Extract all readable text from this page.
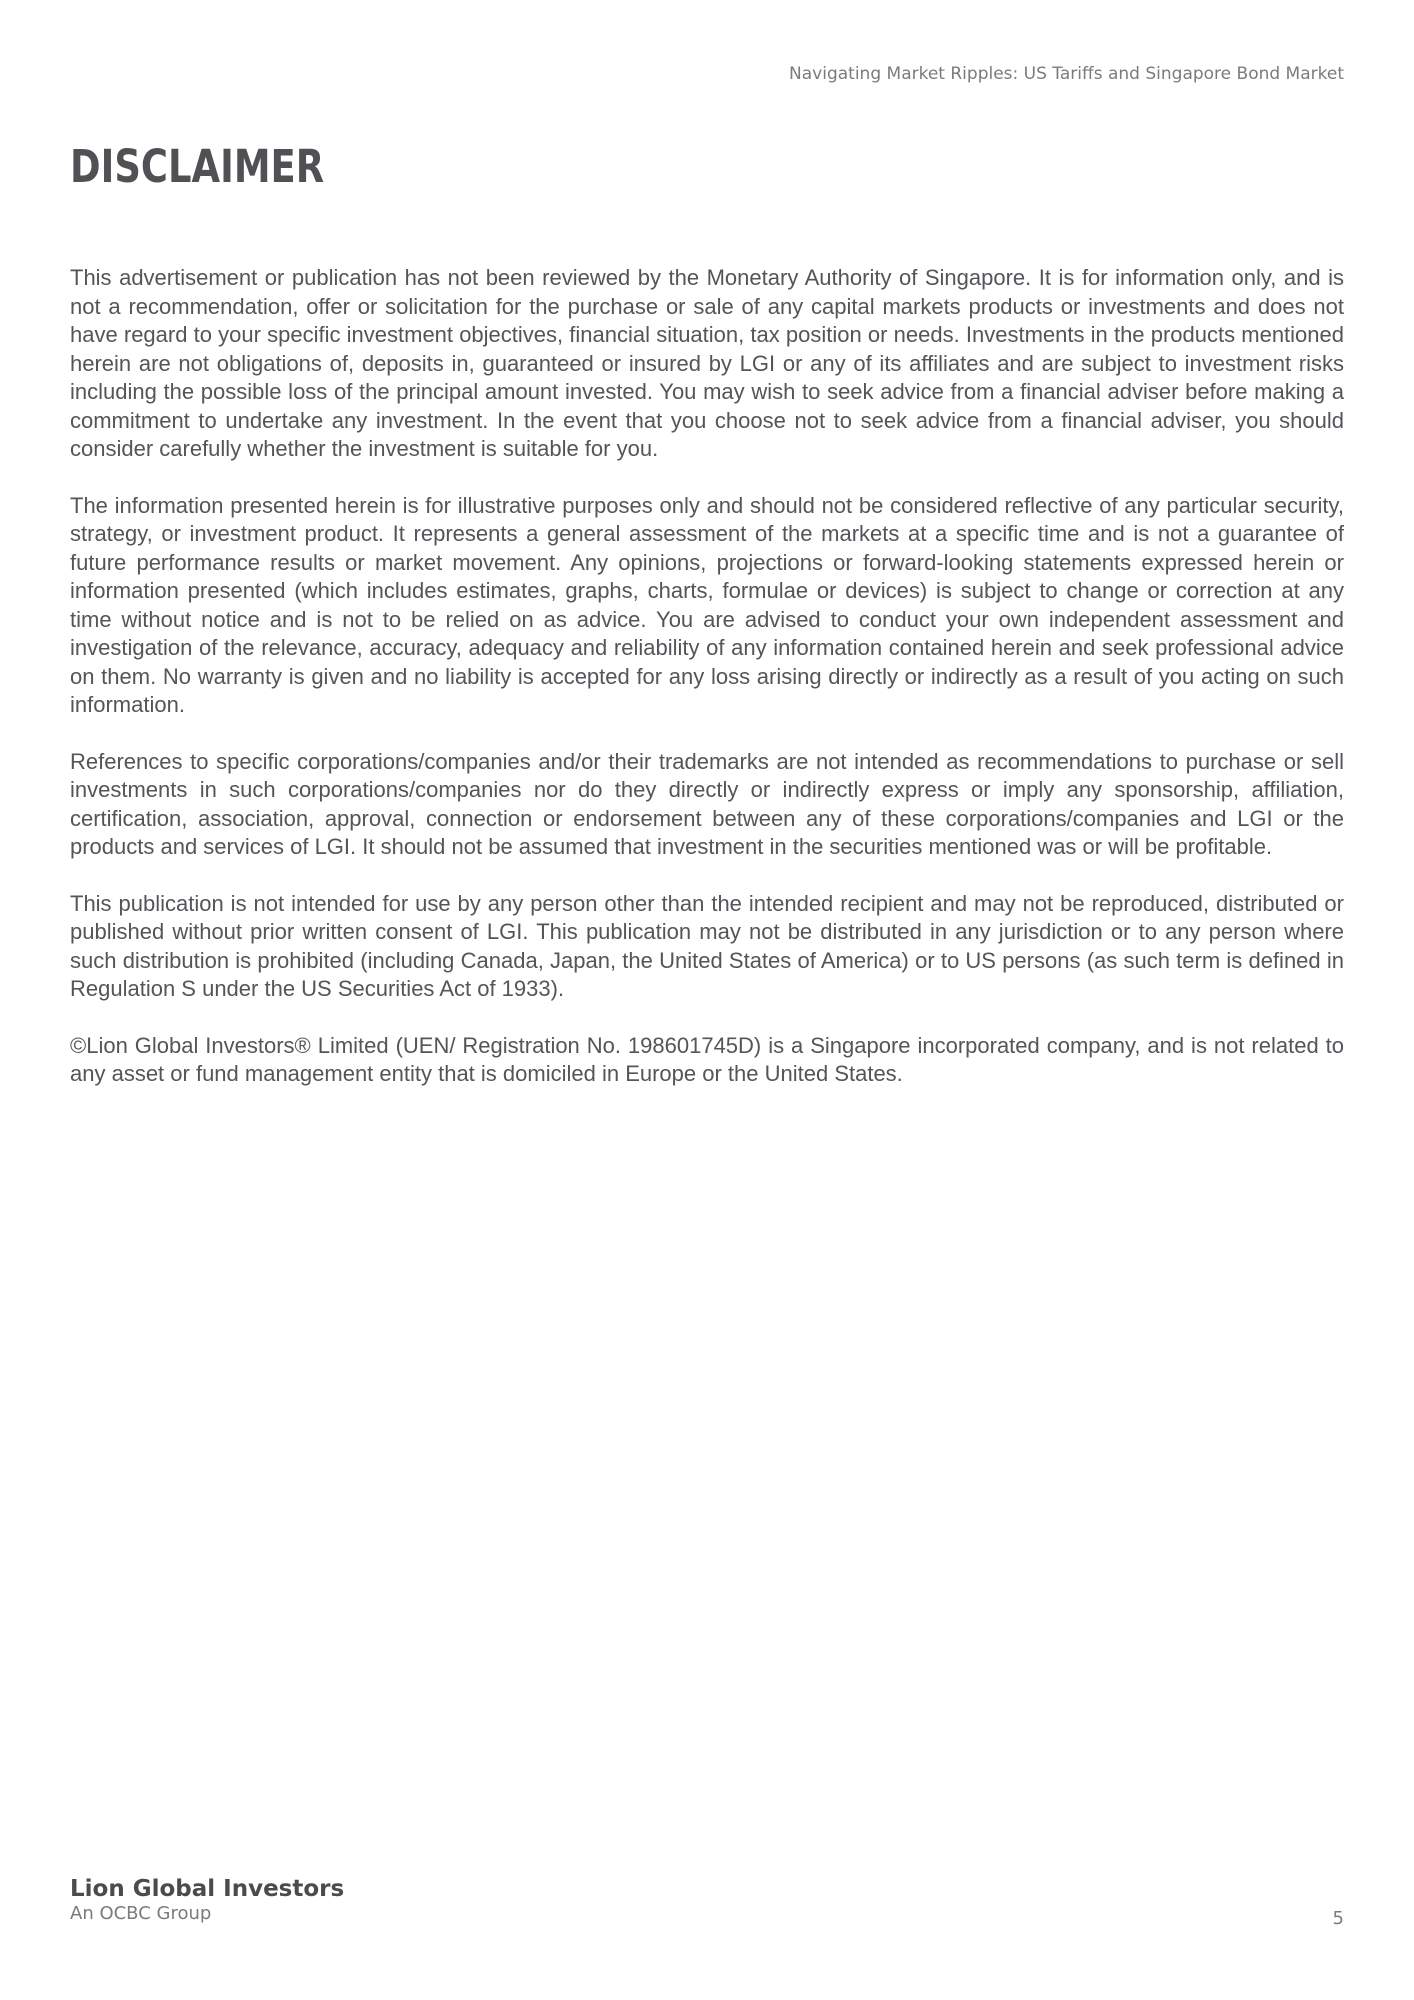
Navigating Market Ripples: US Tariffs and Singapore Bond Market
DISCLAIMER

This advertisement or publication has not been reviewed by the Monetary Authority of Singapore. It is for information only, and is not a recommendation, offer or solicitation for the purchase or sale of any capital markets products or investments and does not have regard to your specific investment objectives, financial situation, tax position or needs. Investments in the products mentioned herein are not obligations of, deposits in, guaranteed or insured by LGI or any of its affiliates and are subject to investment risks including the possible loss of the principal amount invested. You may wish to seek advice from a financial adviser before making a commitment to undertake any investment. In the event that you choose not to seek advice from a financial adviser, you should consider carefully whether the investment is suitable for you.

The information presented herein is for illustrative purposes only and should not be considered reflective of any particular security, strategy, or investment product. It represents a general assessment of the markets at a specific time and is not a guarantee of future performance results or market movement. Any opinions, projections or forward-looking statements expressed herein or information presented (which includes estimates, graphs, charts, formulae or devices) is subject to change or correction at any time without notice and is not to be relied on as advice. You are advised to conduct your own independent assessment and investigation of the relevance, accuracy, adequacy and reliability of any information contained herein and seek professional advice on them. No warranty is given and no liability is accepted for any loss arising directly or indirectly as a result of you acting on such information.

References to specific corporations/companies and/or their trademarks are not intended as recommendations to purchase or sell investments in such corporations/companies nor do they directly or indirectly express or imply any sponsorship, affiliation, certification, association, approval, connection or endorsement between any of these corporations/companies and LGI or the products and services of LGI. It should not be assumed that investment in the securities mentioned was or will be profitable.

This publication is not intended for use by any person other than the intended recipient and may not be reproduced, distributed or published without prior written consent of LGI. This publication may not be distributed in any jurisdiction or to any person where such distribution is prohibited (including Canada, Japan, the United States of America) or to US persons (as such term is defined in Regulation S under the US Securities Act of 1933).

©Lion Global Investors® Limited (UEN/ Registration No. 198601745D) is a Singapore incorporated company, and is not related to any asset or fund management entity that is domiciled in Europe or the United States.

Lion Global Investors
An OCBC Group	5
